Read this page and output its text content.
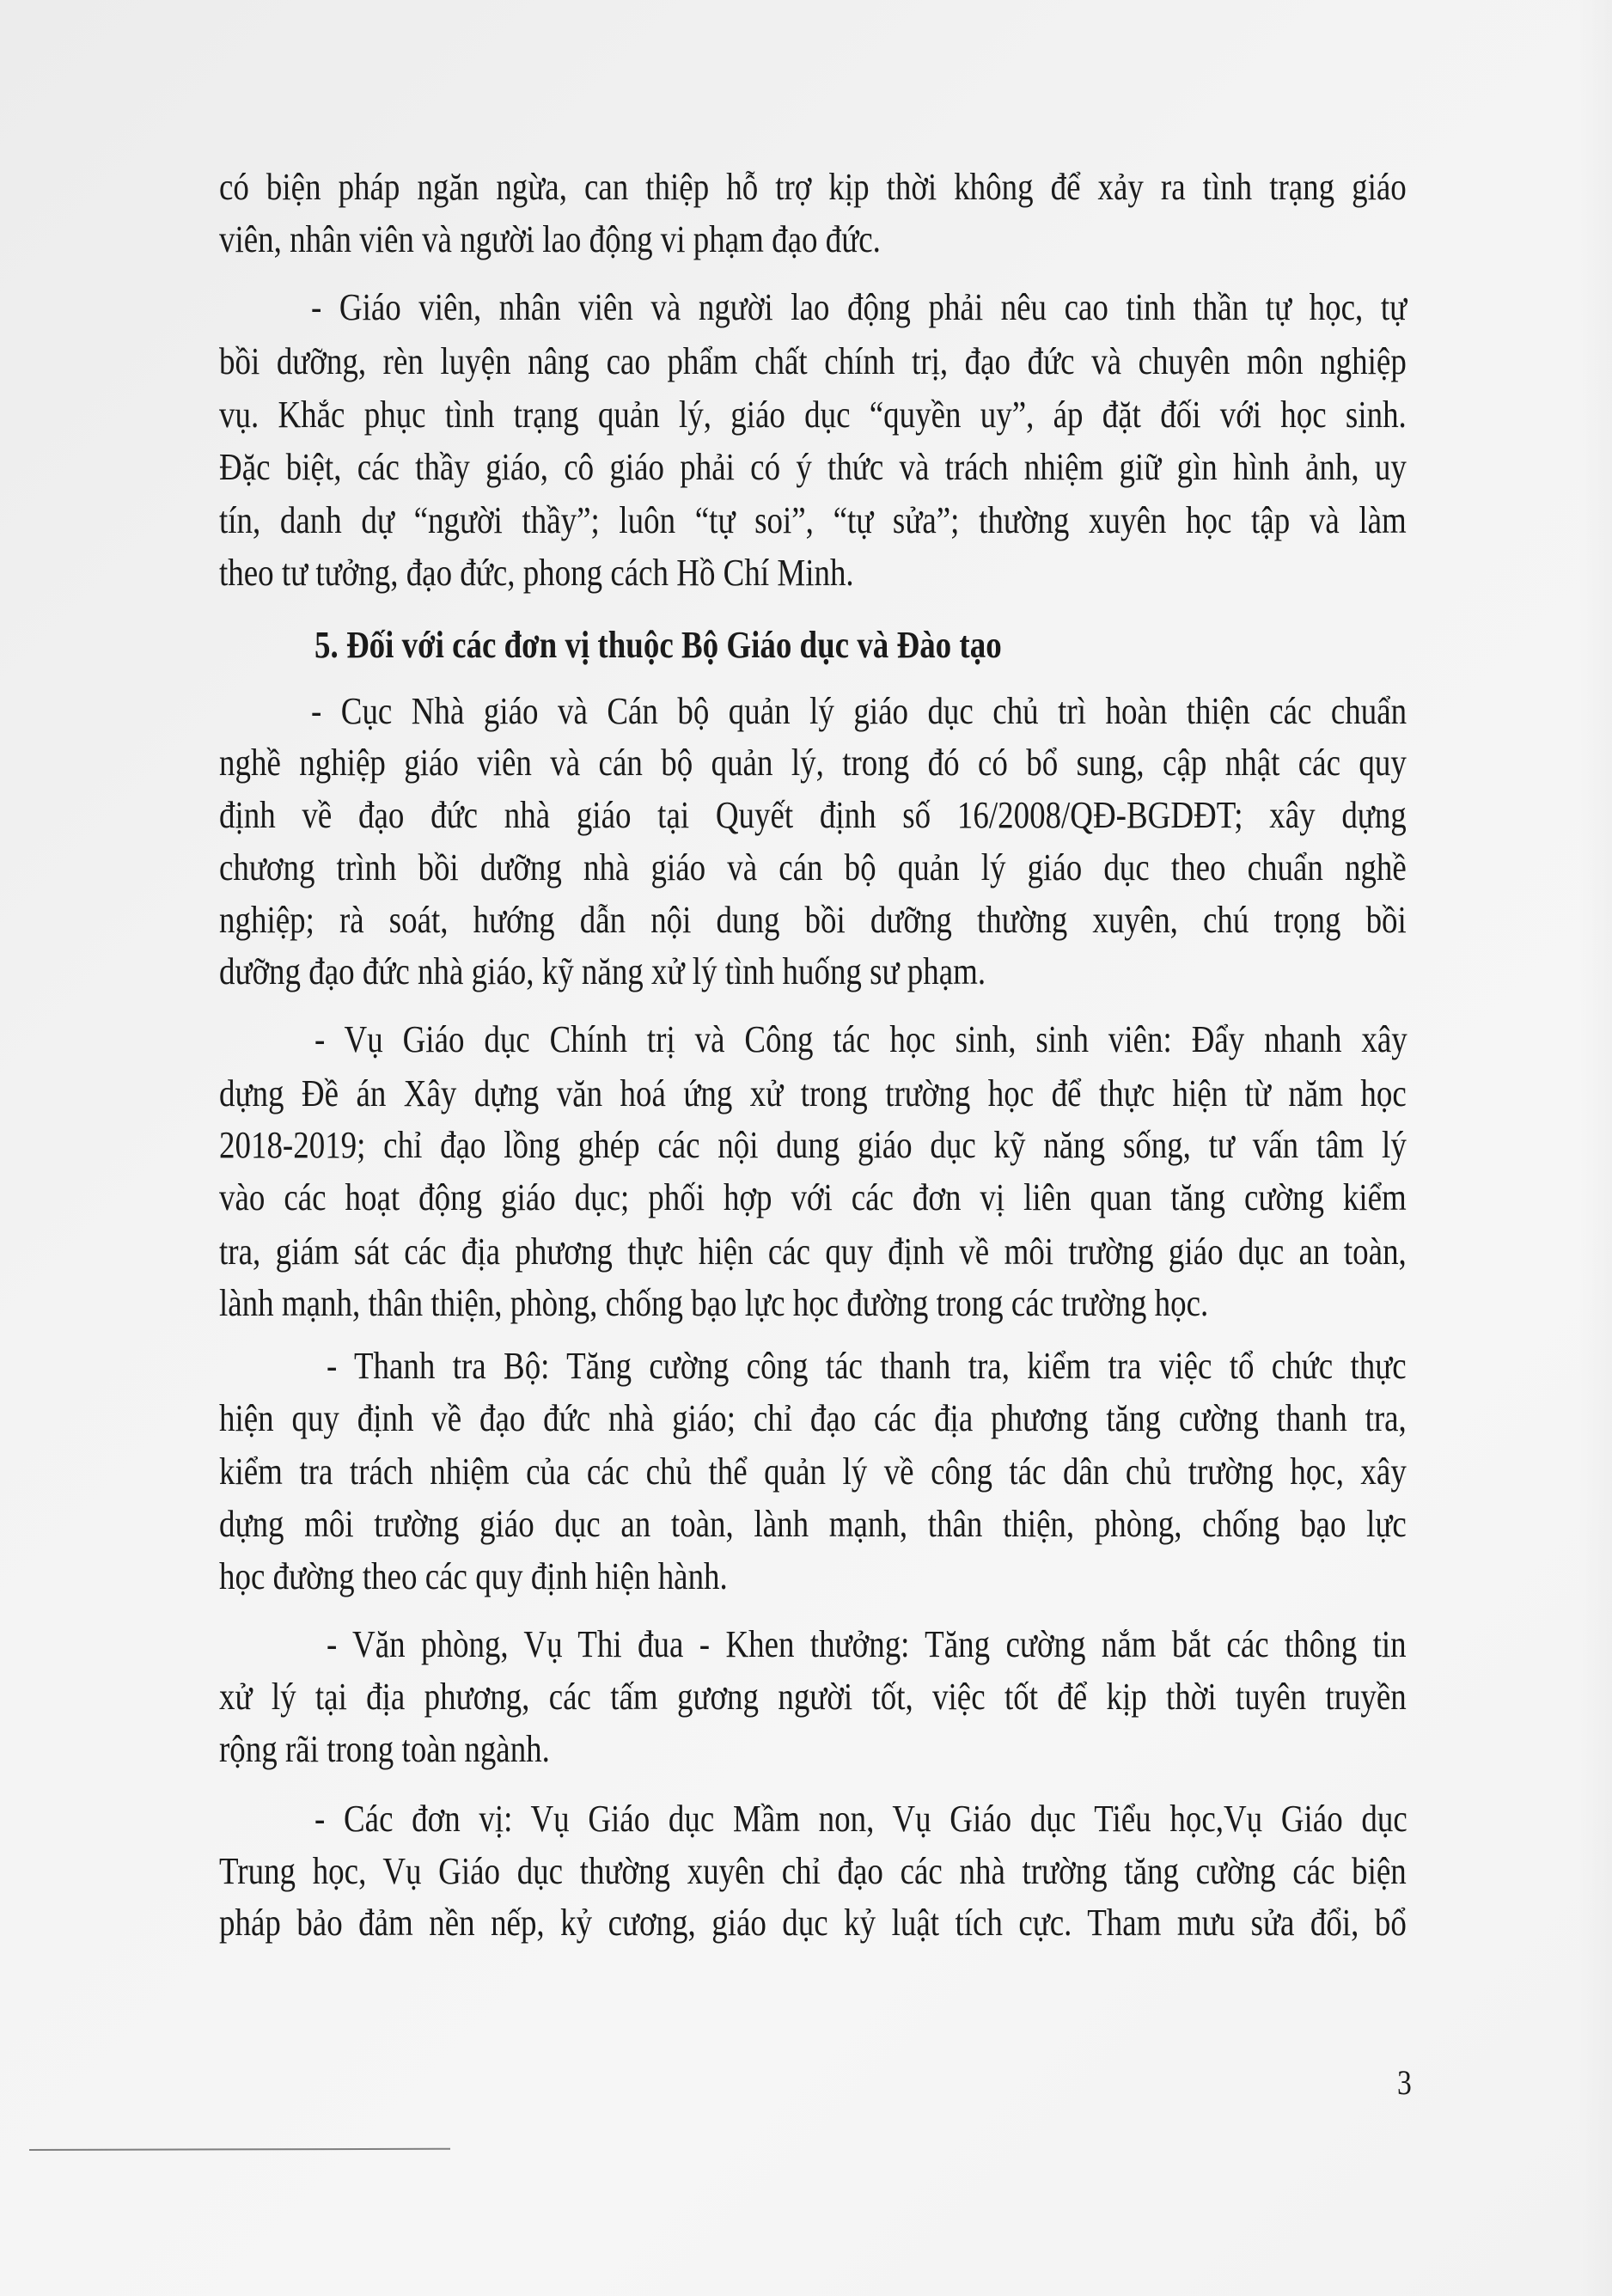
có biện pháp ngăn ngừa, can thiệp hỗ trợ kịp thời không để xảy ra tình trạng giáo
viên, nhân viên và người lao động vi phạm đạo đức.
- Giáo viên, nhân viên và người lao động phải nêu cao tinh thần tự học, tự
bồi dưỡng, rèn luyện nâng cao phẩm chất chính trị, đạo đức và chuyên môn nghiệp
vụ. Khắc phục tình trạng quản lý, giáo dục “quyền uy”, áp đặt đối với học sinh.
Đặc biệt, các thầy giáo, cô giáo phải có ý thức và trách nhiệm giữ gìn hình ảnh, uy
tín, danh dự “người thầy”; luôn “tự soi”, “tự sửa”; thường xuyên học tập và làm
theo tư tưởng, đạo đức, phong cách Hồ Chí Minh.
5. Đối với các đơn vị thuộc Bộ Giáo dục và Đào tạo
- Cục Nhà giáo và Cán bộ quản lý giáo dục chủ trì hoàn thiện các chuẩn
nghề nghiệp giáo viên và cán bộ quản lý, trong đó có bổ sung, cập nhật các quy
định về đạo đức nhà giáo tại Quyết định số 16/2008/QĐ-BGDĐT; xây dựng
chương trình bồi dưỡng nhà giáo và cán bộ quản lý giáo dục theo chuẩn nghề
nghiệp; rà soát, hướng dẫn nội dung bồi dưỡng thường xuyên, chú trọng bồi
dưỡng đạo đức nhà giáo, kỹ năng xử lý tình huống sư phạm.
- Vụ Giáo dục Chính trị và Công tác học sinh, sinh viên: Đẩy nhanh xây
dựng Đề án Xây dựng văn hoá ứng xử trong trường học để thực hiện từ năm học
2018-2019; chỉ đạo lồng ghép các nội dung giáo dục kỹ năng sống, tư vấn tâm lý
vào các hoạt động giáo dục; phối hợp với các đơn vị liên quan tăng cường kiểm
tra, giám sát các địa phương thực hiện các quy định về môi trường giáo dục an toàn,
lành mạnh, thân thiện, phòng, chống bạo lực học đường trong các trường học.
- Thanh tra Bộ: Tăng cường công tác thanh tra, kiểm tra việc tổ chức thực
hiện quy định về đạo đức nhà giáo; chỉ đạo các địa phương tăng cường thanh tra,
kiểm tra trách nhiệm của các chủ thể quản lý về công tác dân chủ trường học, xây
dựng môi trường giáo dục an toàn, lành mạnh, thân thiện, phòng, chống bạo lực
học đường theo các quy định hiện hành.
- Văn phòng, Vụ Thi đua - Khen thưởng: Tăng cường nắm bắt các thông tin
xử lý tại địa phương, các tấm gương người tốt, việc tốt để kịp thời tuyên truyền
rộng rãi trong toàn ngành.
- Các đơn vị: Vụ Giáo dục Mầm non, Vụ Giáo dục Tiểu học,Vụ Giáo dục
Trung học, Vụ Giáo dục thường xuyên chỉ đạo các nhà trường tăng cường các biện
pháp bảo đảm nền nếp, kỷ cương, giáo dục kỷ luật tích cực. Tham mưu sửa đổi, bổ
3
